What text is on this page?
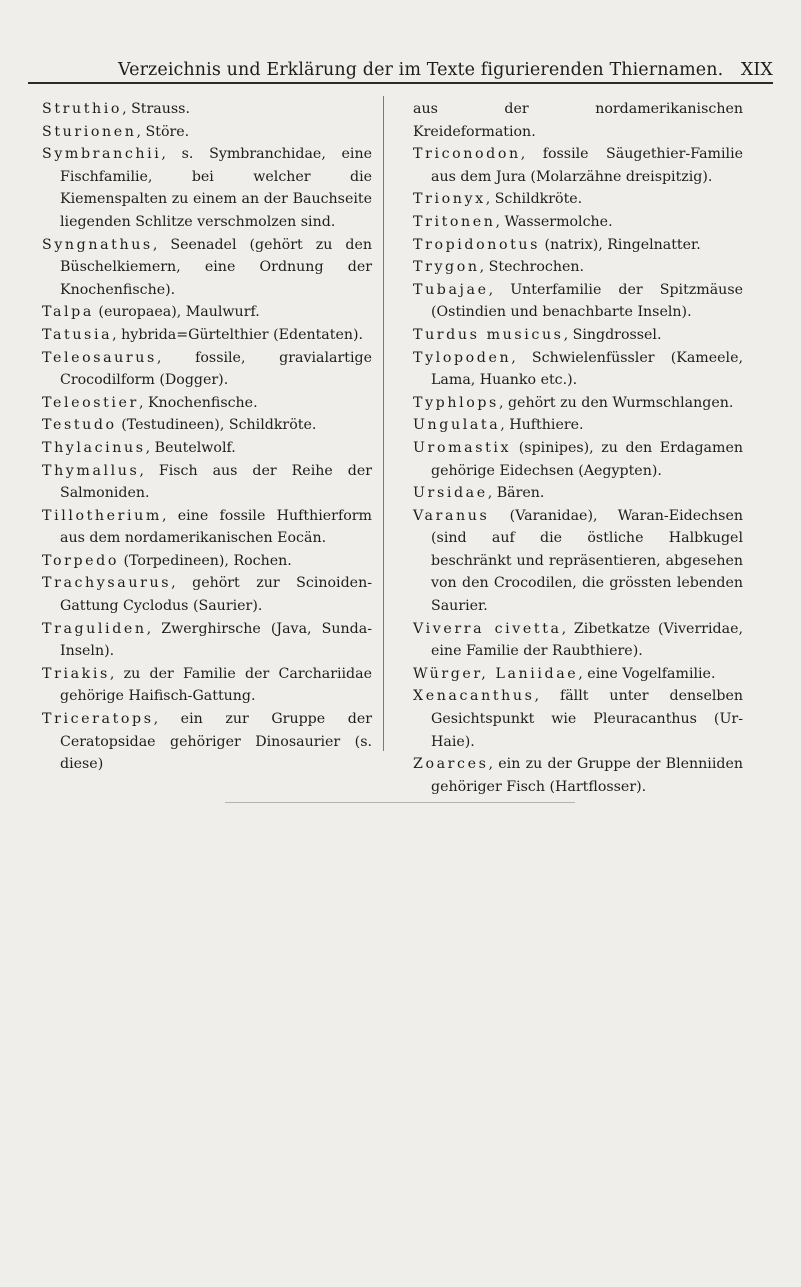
Verzeichnis und Erklärung der im Texte figurierenden Thiernamen. XIX

Struthio, Strauss.

Sturionen, Störe.

Symbranchii, s. Symbranchidae, eine Fischfamilie, bei welcher die Kiemenspalten zu einem an der Bauchseite liegenden Schlitze verschmolzen sind.

Syngnathus, Seenadel (gehört zu den Büschelkiemern, eine Ordnung der Knochenfische).

Talpa (europaea), Maulwurf.

Tatusia, hybrida=Gürtelthier (Edentaten).

Teleosaurus, fossile, gravialartige Crocodilform (Dogger).

Teleostier, Knochenfische.

Testudo (Testudineen), Schildkröte.

Thylacinus, Beutelwolf.

Thymallus, Fisch aus der Reihe der Salmoniden.

Tillotherium, eine fossile Hufthierform aus dem nordamerikanischen Eocän.

Torpedo (Torpedineen), Rochen.

Trachysaurus, gehört zur Scinoiden-Gattung Cyclodus (Saurier).

Traguliden, Zwerghirsche (Java, Sunda-Inseln).

Triakis, zu der Familie der Carchariidae gehörige Haifisch-Gattung.

Triceratops, ein zur Gruppe der Ceratopsidae gehöriger Dinosaurier (s. diese)

aus der nordamerikanischen Kreideformation.

Triconodon, fossile Säugethier-Familie aus dem Jura (Molarzähne dreispitzig).

Trionyx, Schildkröte.

Tritonen, Wassermolche.

Tropidonotus (natrix), Ringelnatter.

Trygon, Stechrochen.

Tubajae, Unterfamilie der Spitzmäuse (Ostindien und benachbarte Inseln).

Turdus musicus, Singdrossel.

Tylopoden, Schwielenfüssler (Kameele, Lama, Huanko etc.).

Typhlops, gehört zu den Wurmschlangen.

Ungulata, Hufthiere.

Uromastix (spinipes), zu den Erdagamen gehörige Eidechsen (Aegypten).

Ursidae, Bären.

Varanus (Varanidae), Waran-Eidechsen (sind auf die östliche Halbkugel beschränkt und repräsentieren, abgesehen von den Crocodilen, die grössten lebenden Saurier.

Viverra civetta, Zibetkatze (Viverridae, eine Familie der Raubthiere).

Würger, Laniidae, eine Vogelfamilie.

Xenacanthus, fällt unter denselben Gesichtspunkt wie Pleuracanthus (Ur-Haie).

Zoarces, ein zu der Gruppe der Blenniiden gehöriger Fisch (Hartflosser).
